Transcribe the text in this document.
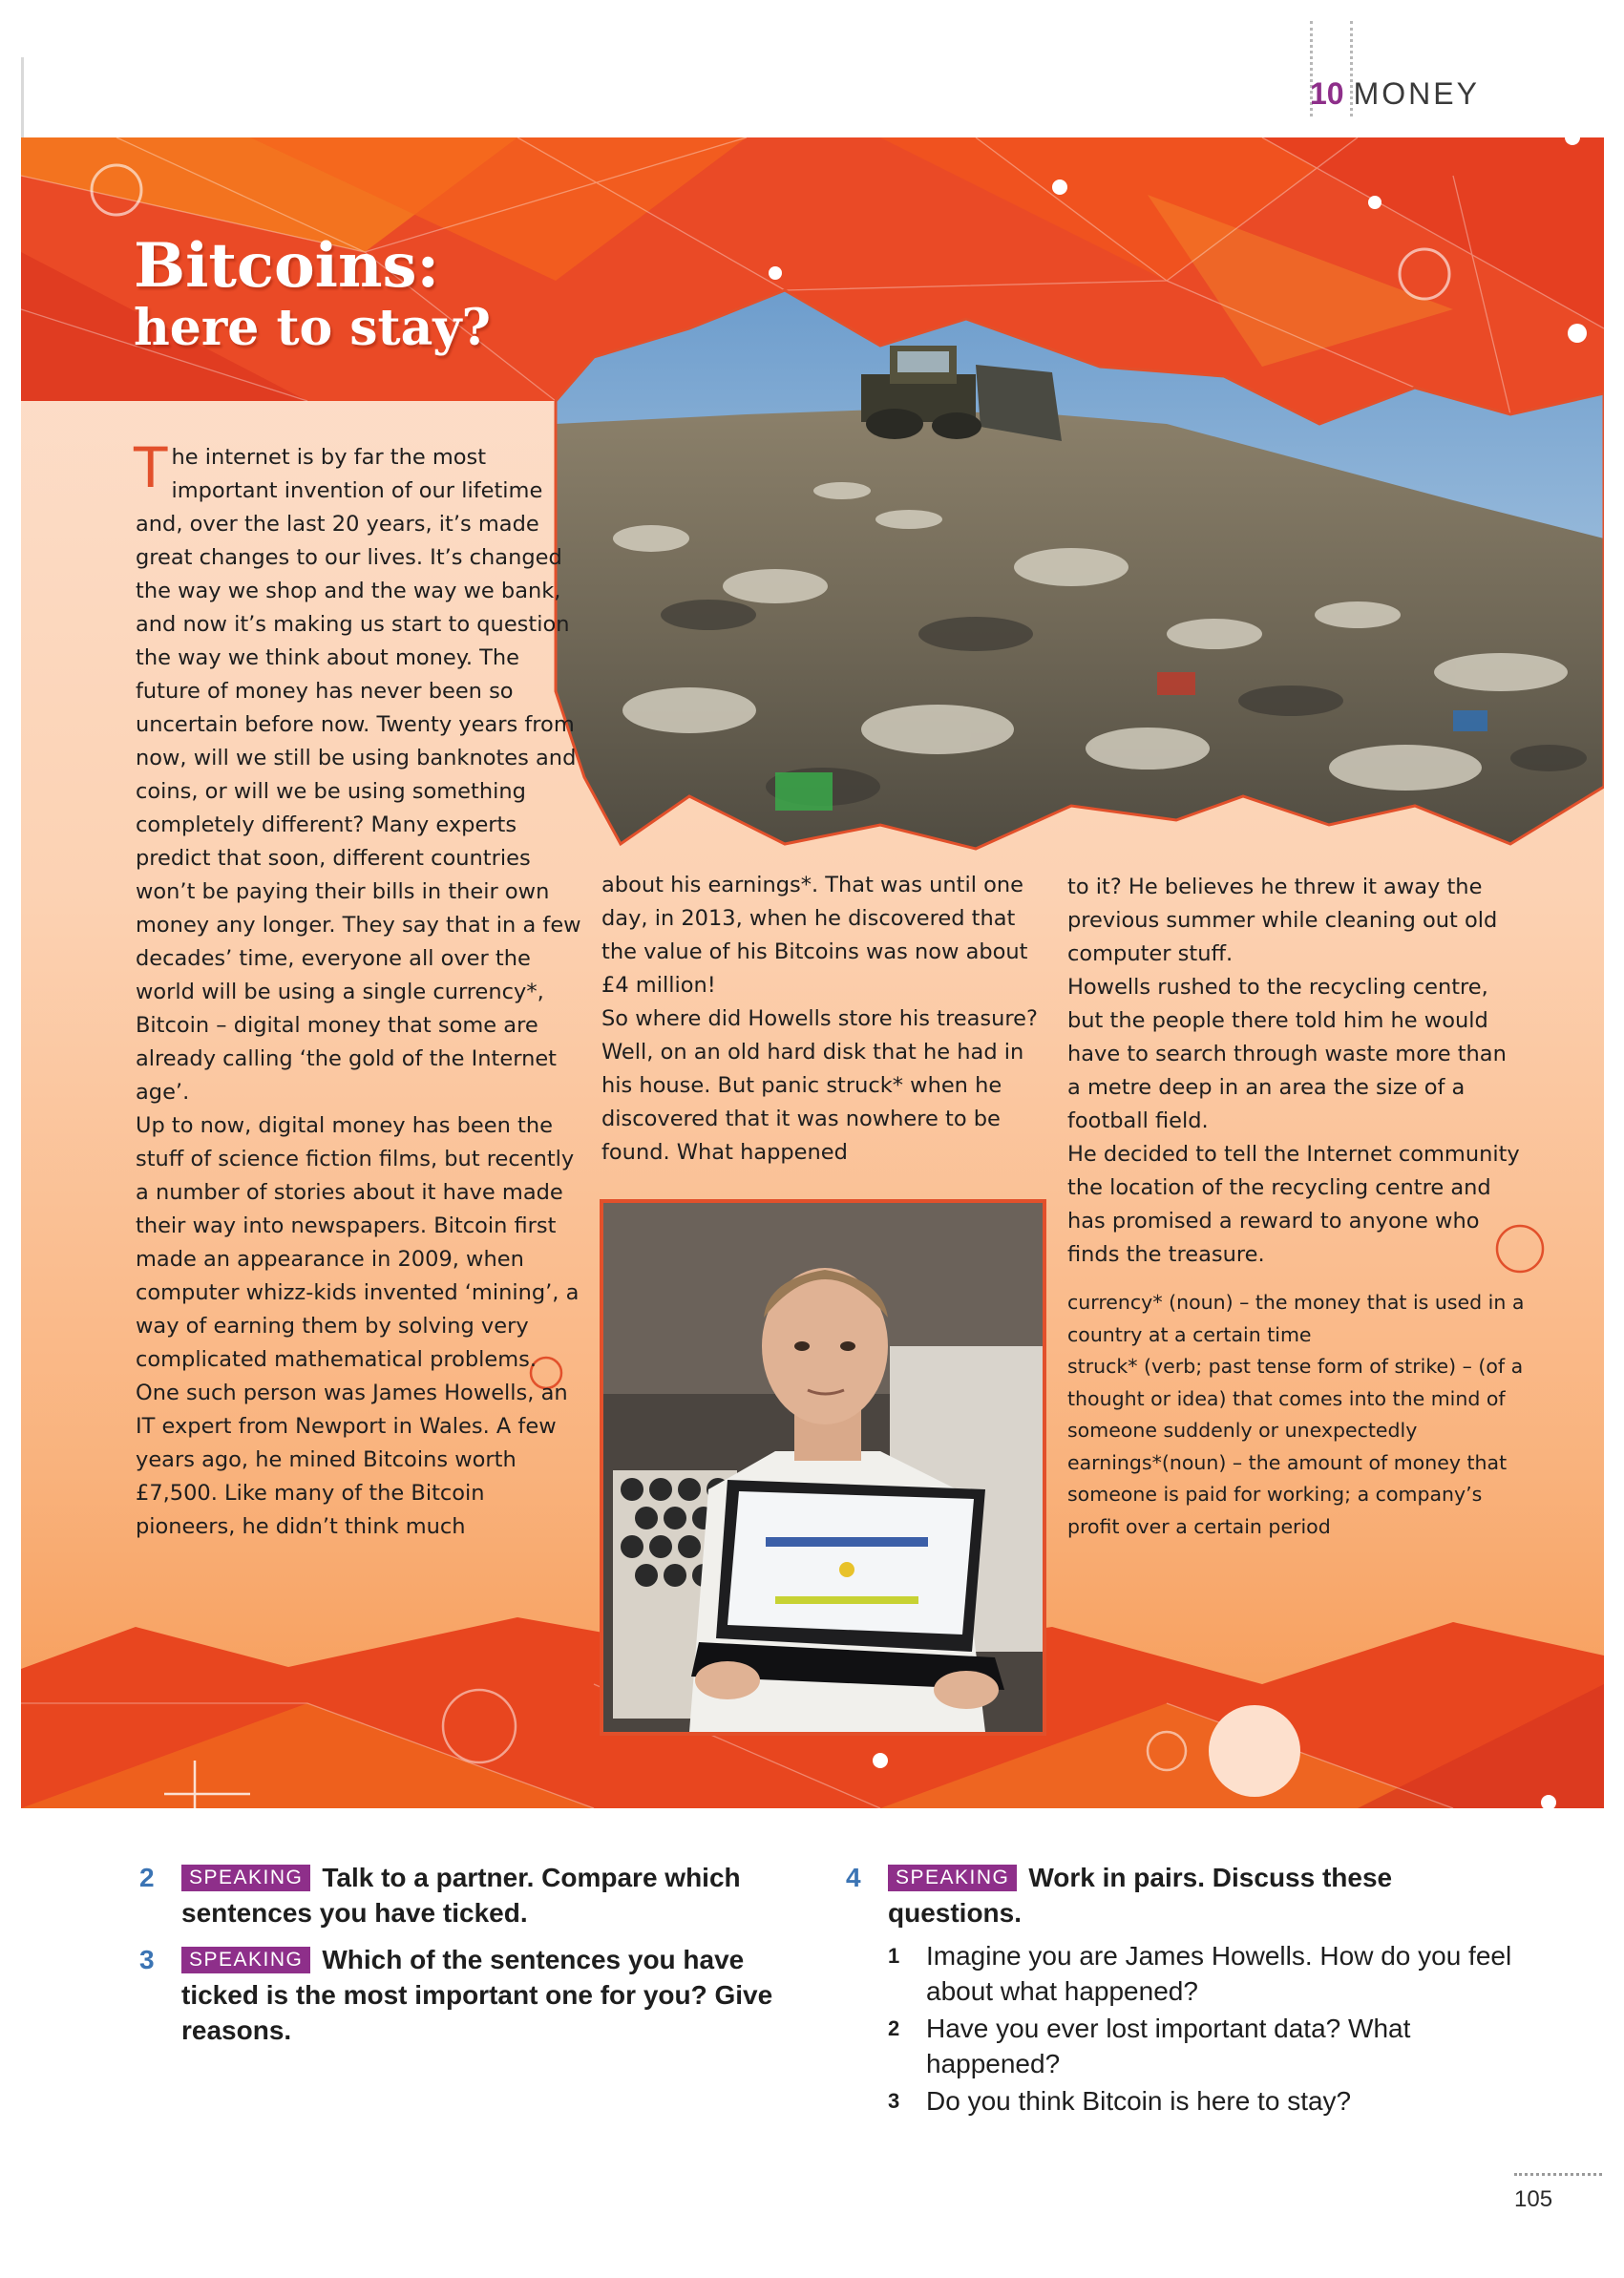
10 MONEY
Bitcoins:
here to stay?

The internet is by far the most important invention of our lifetime and, over the last 20 years, it’s made great changes to our lives. It’s changed the way we shop and the way we bank, and now it’s making us start to question the way we think about money. The future of money has never been so uncertain before now. Twenty years from now, will we still be using banknotes and coins, or will we be using something completely different? Many experts predict that soon, different countries won’t be paying their bills in their own money any longer. They say that in a few decades’ time, everyone all over the world will be using a single currency*, Bitcoin – digital money that some are already calling ‘the gold of the Internet age’.

Up to now, digital money has been the stuff of science fiction films, but recently a number of stories about it have made their way into newspapers. Bitcoin first made an appearance in 2009, when computer whizz-kids invented ‘mining’, a way of earning them by solving very complicated mathematical problems.

One such person was James Howells, an IT expert from Newport in Wales. A few years ago, he mined Bitcoins worth £7,500. Like many of the Bitcoin pioneers, he didn’t think much

about his earnings*. That was until one day, in 2013, when he discovered that the value of his Bitcoins was now about £4 million!

So where did Howells store his treasure? Well, on an old hard disk that he had in his house. But panic struck* when he discovered that it was nowhere to be found. What happened

to it? He believes he threw it away the previous summer while cleaning out old computer stuff.

Howells rushed to the recycling centre, but the people there told him he would have to search through waste more than a metre deep in an area the size of a football field.

He decided to tell the Internet community the location of the recycling centre and has promised a reward to anyone who finds the treasure.

currency* (noun) – the money that is used in a country at a certain time

struck* (verb; past tense form of strike) – (of a thought or idea) that comes into the mind of someone suddenly or unexpectedly

earnings*(noun) – the amount of money that someone is paid for working; a company’s profit over a certain period

2 SPEAKING Talk to a partner. Compare which sentences you have ticked.
3 SPEAKING Which of the sentences you have ticked is the most important one for you? Give reasons.
4 SPEAKING Work in pairs. Discuss these questions.
1 Imagine you are James Howells. How do you feel about what happened?
2 Have you ever lost important data? What happened?
3 Do you think Bitcoin is here to stay?
105
